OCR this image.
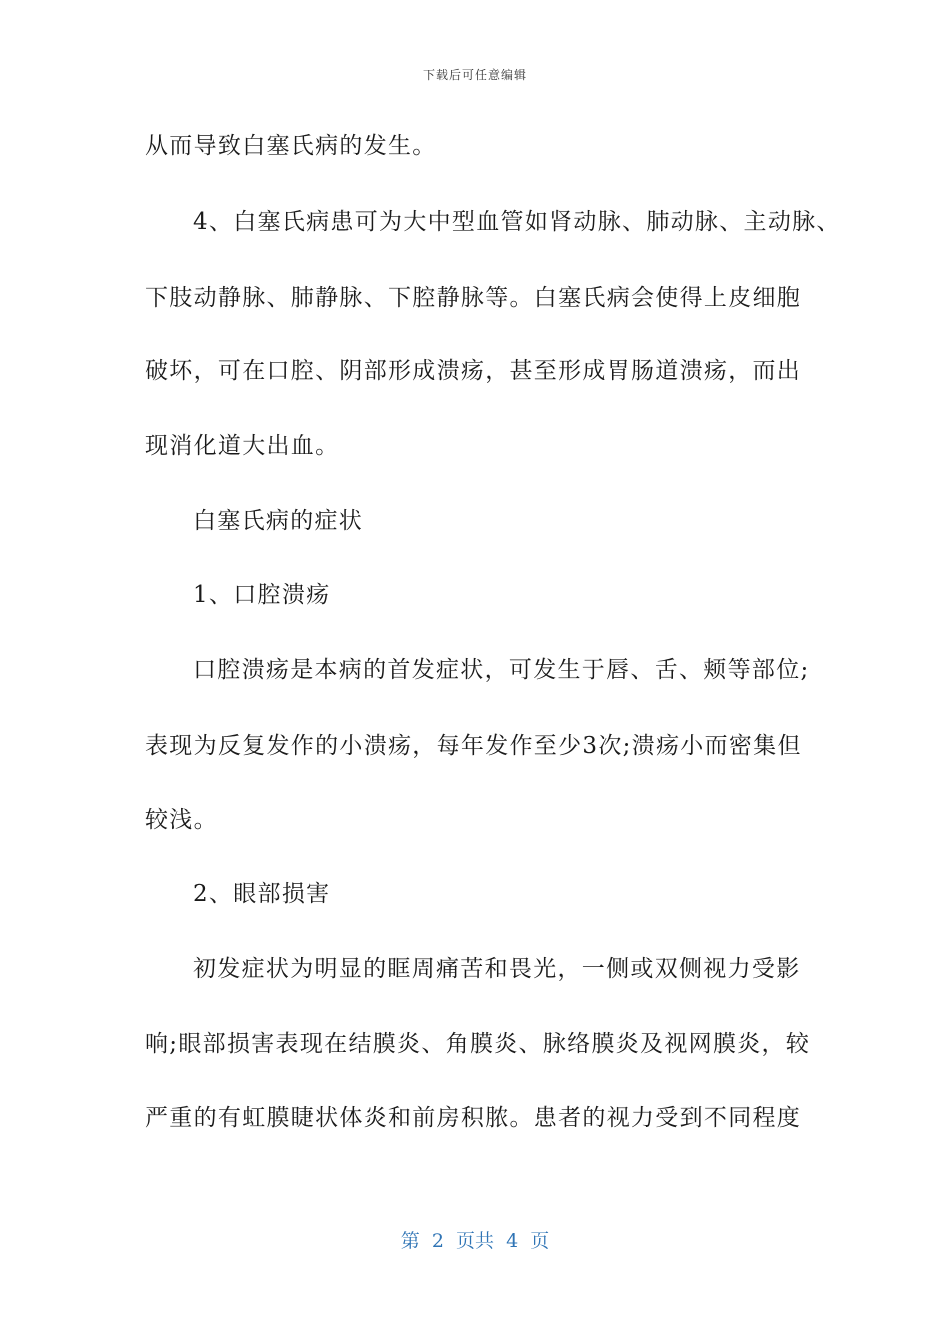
下载后可任意编辑
从而导致白塞氏病的发生。
4、白塞氏病患可为大中型血管如肾动脉、肺动脉、主动脉、
下肢动静脉、肺静脉、下腔静脉等。白塞氏病会使得上皮细胞
破坏，可在口腔、阴部形成溃疡，甚至形成胃肠道溃疡，而出
现消化道大出血。
白塞氏病的症状
1、口腔溃疡
口腔溃疡是本病的首发症状，可发生于唇、舌、颊等部位;
表现为反复发作的小溃疡，每年发作至少3次;溃疡小而密集但
较浅。
2、眼部损害
初发症状为明显的眶周痛苦和畏光，一侧或双侧视力受影
响;眼部损害表现在结膜炎、角膜炎、脉络膜炎及视网膜炎，较
严重的有虹膜睫状体炎和前房积脓。患者的视力受到不同程度
第  2  页共  4  页
